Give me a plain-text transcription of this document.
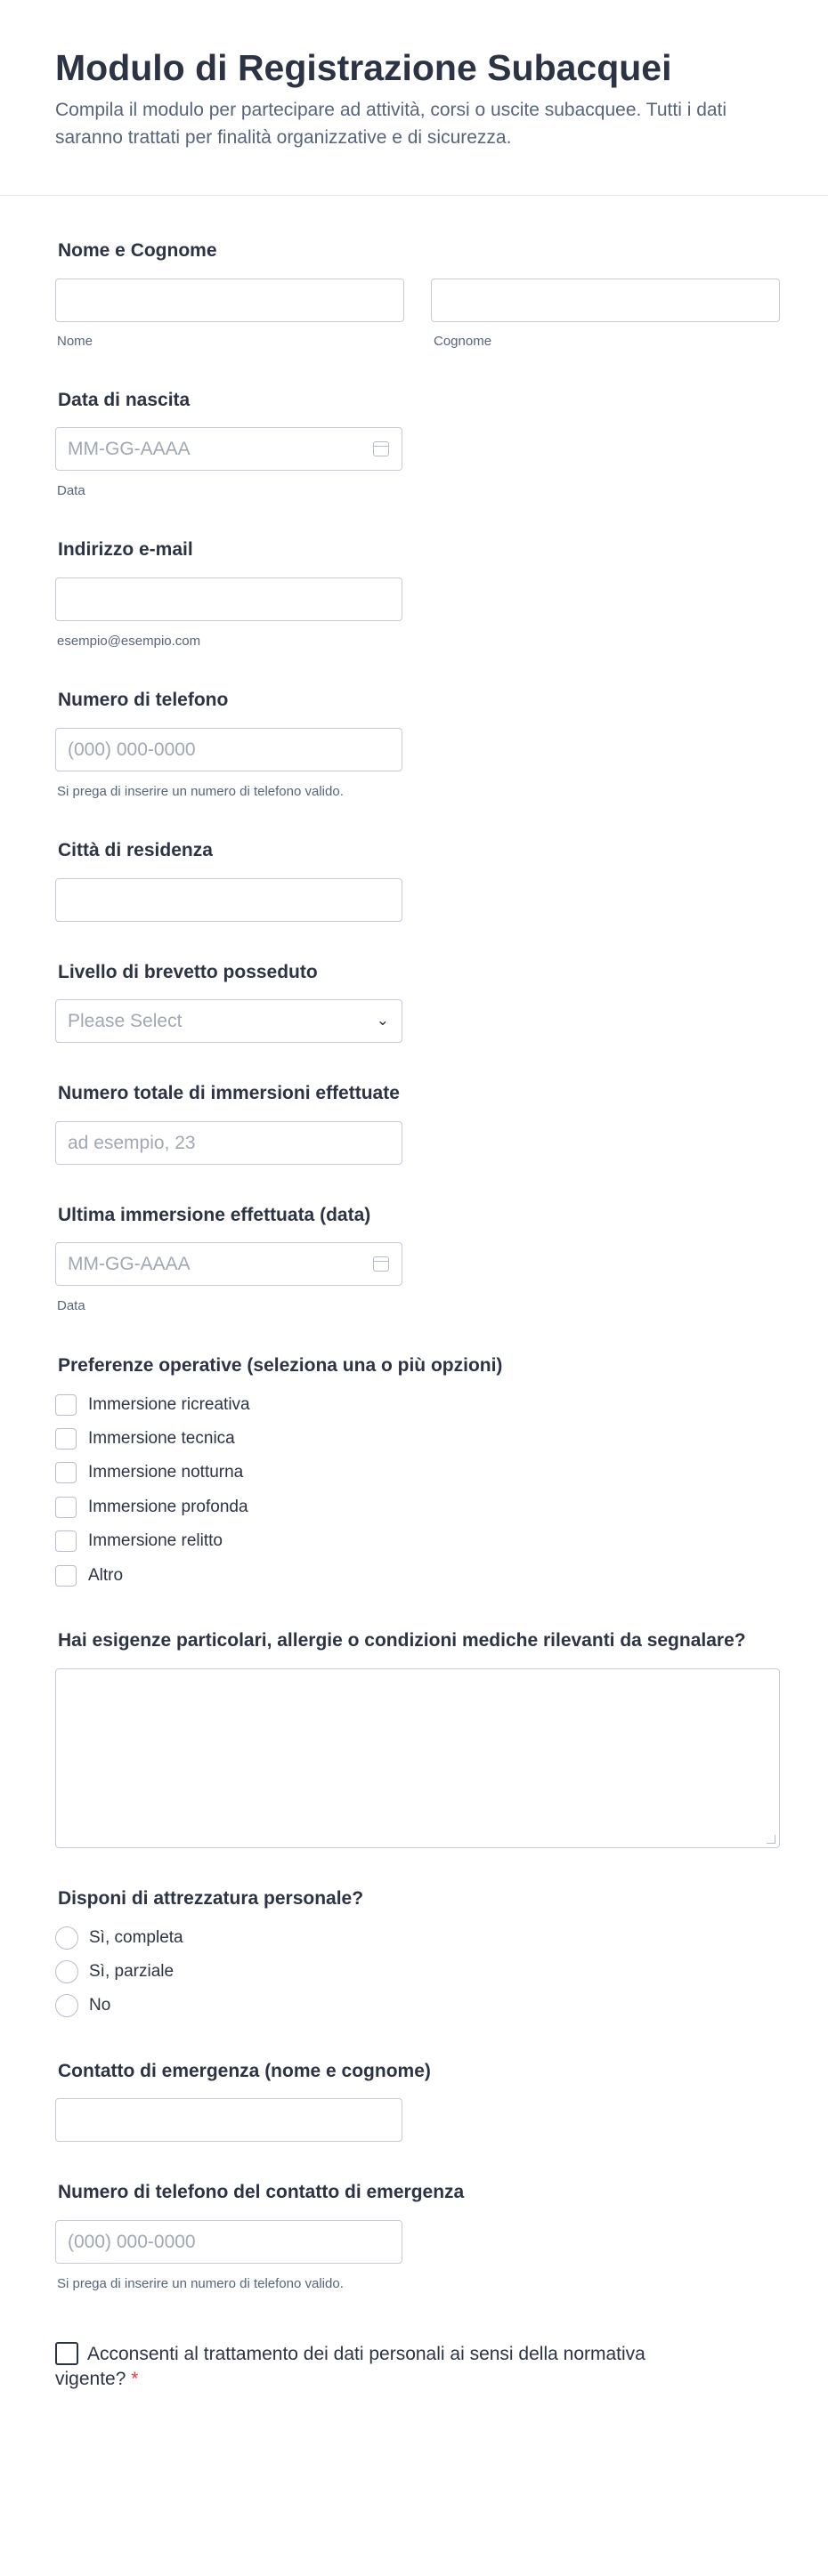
Modulo di Registrazione Subacquei

Compila il modulo per partecipare ad attività, corsi o uscite subacquee. Tutti i dati saranno trattati per finalità organizzative e di sicurezza.

Nome e Cognome
Nome	Cognome
Data di nascita
MM-GG-AAAA
Data
Indirizzo e-mail
esempio@esempio.com
Numero di telefono
(000) 000-0000
Si prega di inserire un numero di telefono valido.
Città di residenza
Livello di brevetto posseduto
Please Select	⌄
Numero totale di immersioni effettuate
ad esempio, 23
Ultima immersione effettuata (data)
MM-GG-AAAA
Data
Preferenze operative (seleziona una o più opzioni)
Immersione ricreativa
Immersione tecnica
Immersione notturna
Immersione profonda
Immersione relitto
Altro
Hai esigenze particolari, allergie o condizioni mediche rilevanti da segnalare?
Disponi di attrezzatura personale?
Sì, completa
Sì, parziale
No
Contatto di emergenza (nome e cognome)
Numero di telefono del contatto di emergenza
(000) 000-0000
Si prega di inserire un numero di telefono valido.
Acconsenti al trattamento dei dati personali ai sensi della normativa vigente? *
